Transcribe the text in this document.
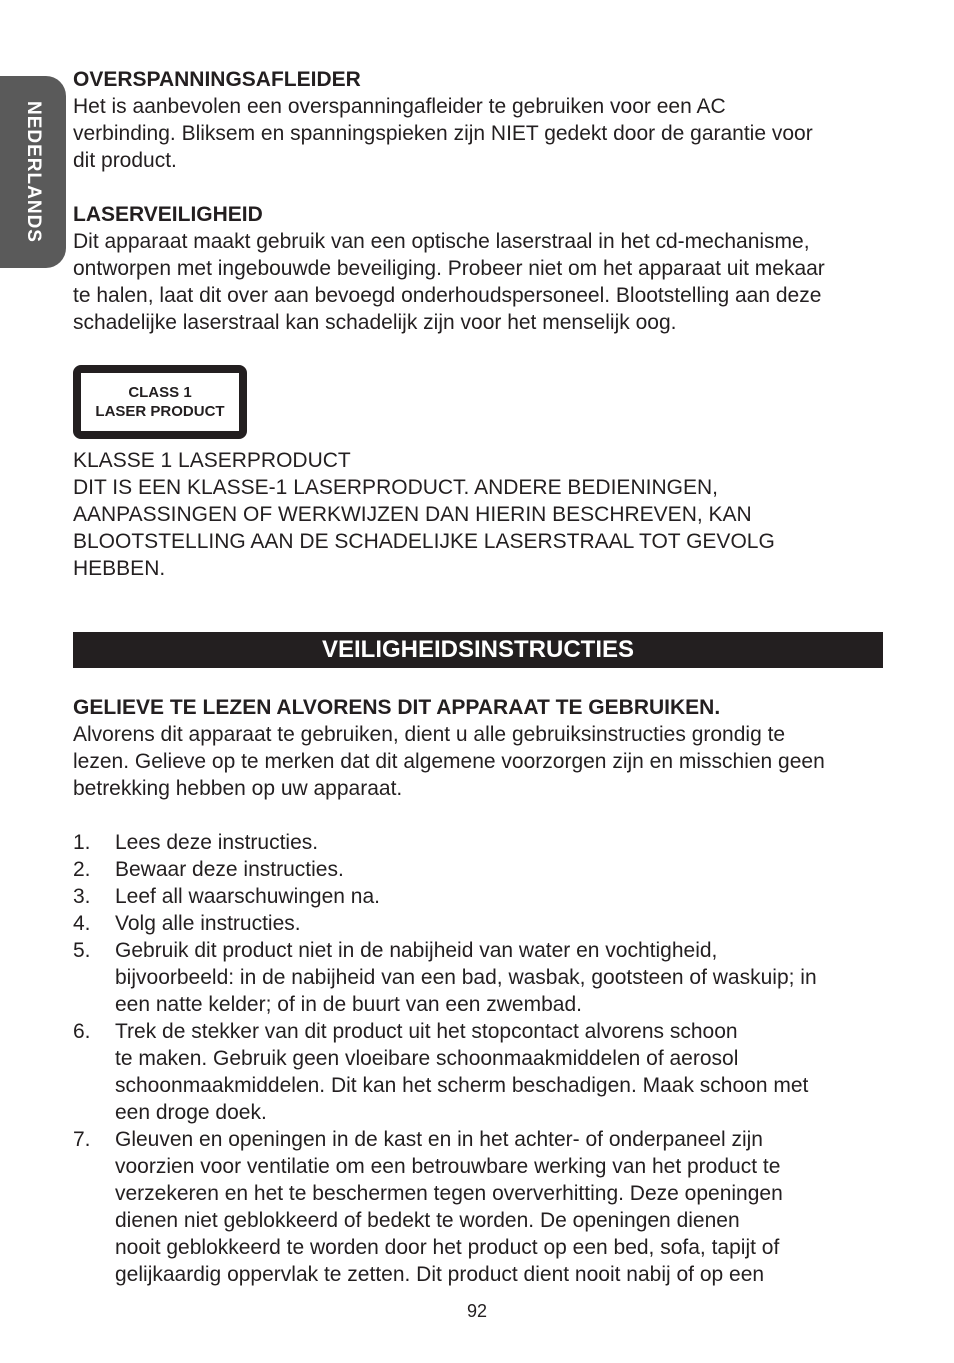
NEDERLANDS

OVERSPANNINGSAFLEIDER

Het is aanbevolen een overspanningafleider te gebruiken voor een AC

verbinding. Bliksem en spanningspieken zijn NIET gedekt door de garantie voor

dit product.

LASERVEILIGHEID

Dit apparaat maakt gebruik van een optische laserstraal in het cd-mechanisme,

ontworpen met ingebouwde beveiliging. Probeer niet om het apparaat uit mekaar

te halen, laat dit over aan bevoegd onderhoudspersoneel. Blootstelling aan deze

schadelijke laserstraal kan schadelijk zijn voor het menselijk oog.

CLASS 1
LASER PRODUCT

KLASSE 1 LASERPRODUCT

DIT IS EEN KLASSE-1 LASERPRODUCT. ANDERE BEDIENINGEN,

AANPASSINGEN OF WERKWIJZEN DAN HIERIN BESCHREVEN, KAN

BLOOTSTELLING AAN DE SCHADELIJKE LASERSTRAAL TOT GEVOLG

HEBBEN.

VEILIGHEIDSINSTRUCTIES

GELIEVE TE LEZEN ALVORENS DIT APPARAAT TE GEBRUIKEN.

Alvorens dit apparaat te gebruiken, dient u alle gebruiksinstructies grondig te

lezen. Gelieve op te merken dat dit algemene voorzorgen zijn en misschien geen

betrekking hebben op uw apparaat.

1.	Lees deze instructies.
2.	Bewaar deze instructies.
3.	Leef all waarschuwingen na.
4.	Volg alle instructies.
5.	Gebruik dit product niet in de nabijheid van water en vochtigheid,
bijvoorbeeld: in de nabijheid van een bad, wasbak, gootsteen of waskuip; in
een natte kelder; of in de buurt van een zwembad.
6.	Trek de stekker van dit product uit het stopcontact alvorens schoon
te maken. Gebruik geen vloeibare schoonmaakmiddelen of aerosol
schoonmaakmiddelen. Dit kan het scherm beschadigen. Maak schoon met
een droge doek.
7.	Gleuven en openingen in de kast en in het achter- of onderpaneel zijn
voorzien voor ventilatie om een betrouwbare werking van het product te
verzekeren en het te beschermen tegen oververhitting. Deze openingen
dienen niet geblokkeerd of bedekt te worden. De openingen dienen
nooit geblokkeerd te worden door het product op een bed, sofa, tapijt of
gelijkaardig oppervlak te zetten. Dit product dient nooit nabij of op een
92
